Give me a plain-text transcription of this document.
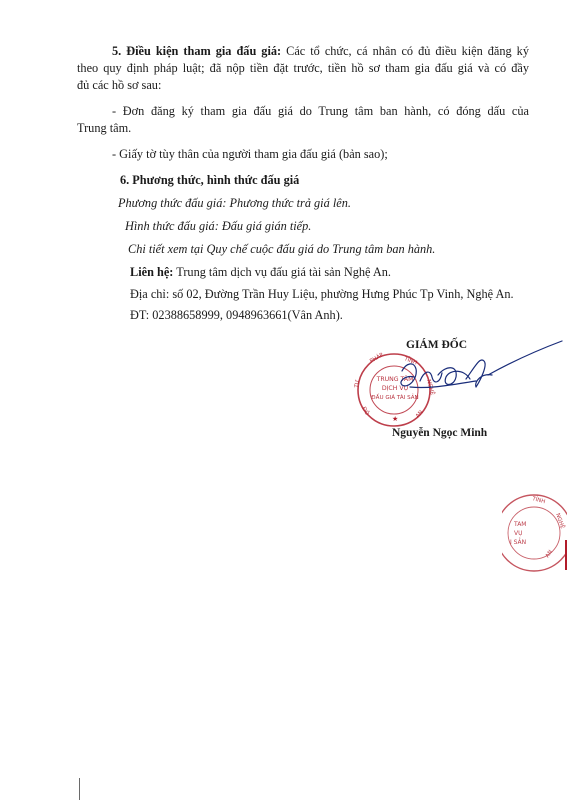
5. Điều kiện tham gia đấu giá: Các tổ chức, cá nhân có đủ điều kiện đăng ký
theo quy định pháp luật; đã nộp tiền đặt trước, tiền hồ sơ tham gia đấu giá và có đầy
đủ các hồ sơ sau:
- Đơn đăng ký tham gia đấu giá do Trung tâm ban hành, có đóng dấu của
Trung tâm.
- Giấy tờ tùy thân của người tham gia đấu giá (bản sao);
6. Phương thức, hình thức đấu giá
Phương thức đấu giá: Phương thức trả giá lên.
Hình thức đấu giá: Đấu giá gián tiếp.
Chi tiết xem tại Quy chế cuộc đấu giá do Trung tâm ban hành.
Liên hệ: Trung tâm dịch vụ đấu giá tài sản Nghệ An.
Địa chỉ: số 02, Đường Trần Huy Liệu, phường Hưng Phúc Tp Vinh, Nghệ An.
ĐT: 02388658999, 0948963661(Vân Anh).
GIÁM ĐỐC
PHÁP	TỈNH
TƯ	NGHỆ
ĐÔ	AN
TRUNG TÂM
DỊCH VỤ
ĐẤU GIÁ TÀI SẢN
★
Nguyễn Ngọc Minh
TỈNH
NGHỆ
AN
TÂM
VỤ
I SẢN
